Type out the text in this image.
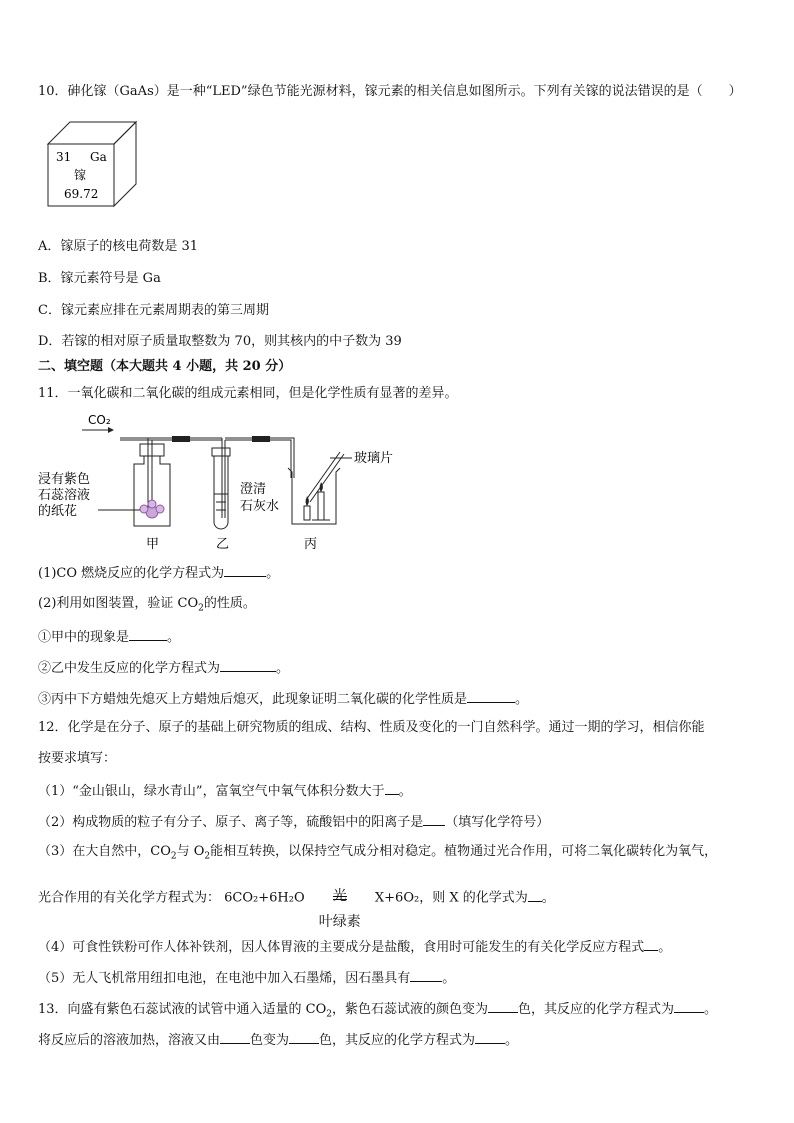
10．砷化镓（GaAs）是一种“LED”绿色节能光源材料，镓元素的相关信息如图所示。下列有关镓的说法错误的是（　　）
31 Ga
镓
69.72
A．镓原子的核电荷数是 31
B．镓元素符号是 Ga
C．镓元素应排在元素周期表的第三周期
D．若镓的相对原子质量取整数为 70，则其核内的中子数为 39
二、填空题（本大题共 4 小题，共 20 分）
11．一氧化碳和二氧化碳的组成元素相同，但是化学性质有显著的差异。
CO₂
浸有紫色
石蕊溶液
的纸花
澄清
石灰水
玻璃片
甲	乙	丙
(1)CO 燃烧反应的化学方程式为	。
(2)利用如图装置，验证 $CO_2$的性质。
①甲中的现象是	。
②乙中发生反应的化学方程式为	。
③丙中下方蜡烛先熄灭上方蜡烛后熄灭，此现象证明二氧化碳的化学性质是	。
12．化学是在分子、原子的基础上研究物质的组成、结构、性质及变化的一门自然科学。通过一期的学习，相信你能
按要求填写：
（1）“金山银山，绿水青山”，富氧空气中氧气体积分数大于 。
（2）构成物质的粒子有分子、原子、离子等，硫酸铝中的阳离子是 （填写化学符号）
（3）在大自然中，$CO_2$与 $O_2$能相互转换，以保持空气成分相对稳定。植物通过光合作用，可将二氧化碳转化为氧气，
光合作用的有关化学方程式为： 6CO₂+6H₂O	光
叶绿素
X+6O₂，则 X 的化学式为 。
（4）可食性铁粉可作人体补铁剂，因人体胃液的主要成分是盐酸，食用时可能发生的有关化学反应方程式 。
（5）无人飞机常用纽扣电池，在电池中加入石墨烯，因石墨具有 。
13．向盛有紫色石蕊试液的试管中通入适量的 $CO_2$，紫色石蕊试液的颜色变为 色，其反应的化学方程式为 。
将反应后的溶液加热，溶液又由 色变为 色，其反应的化学方程式为 。
